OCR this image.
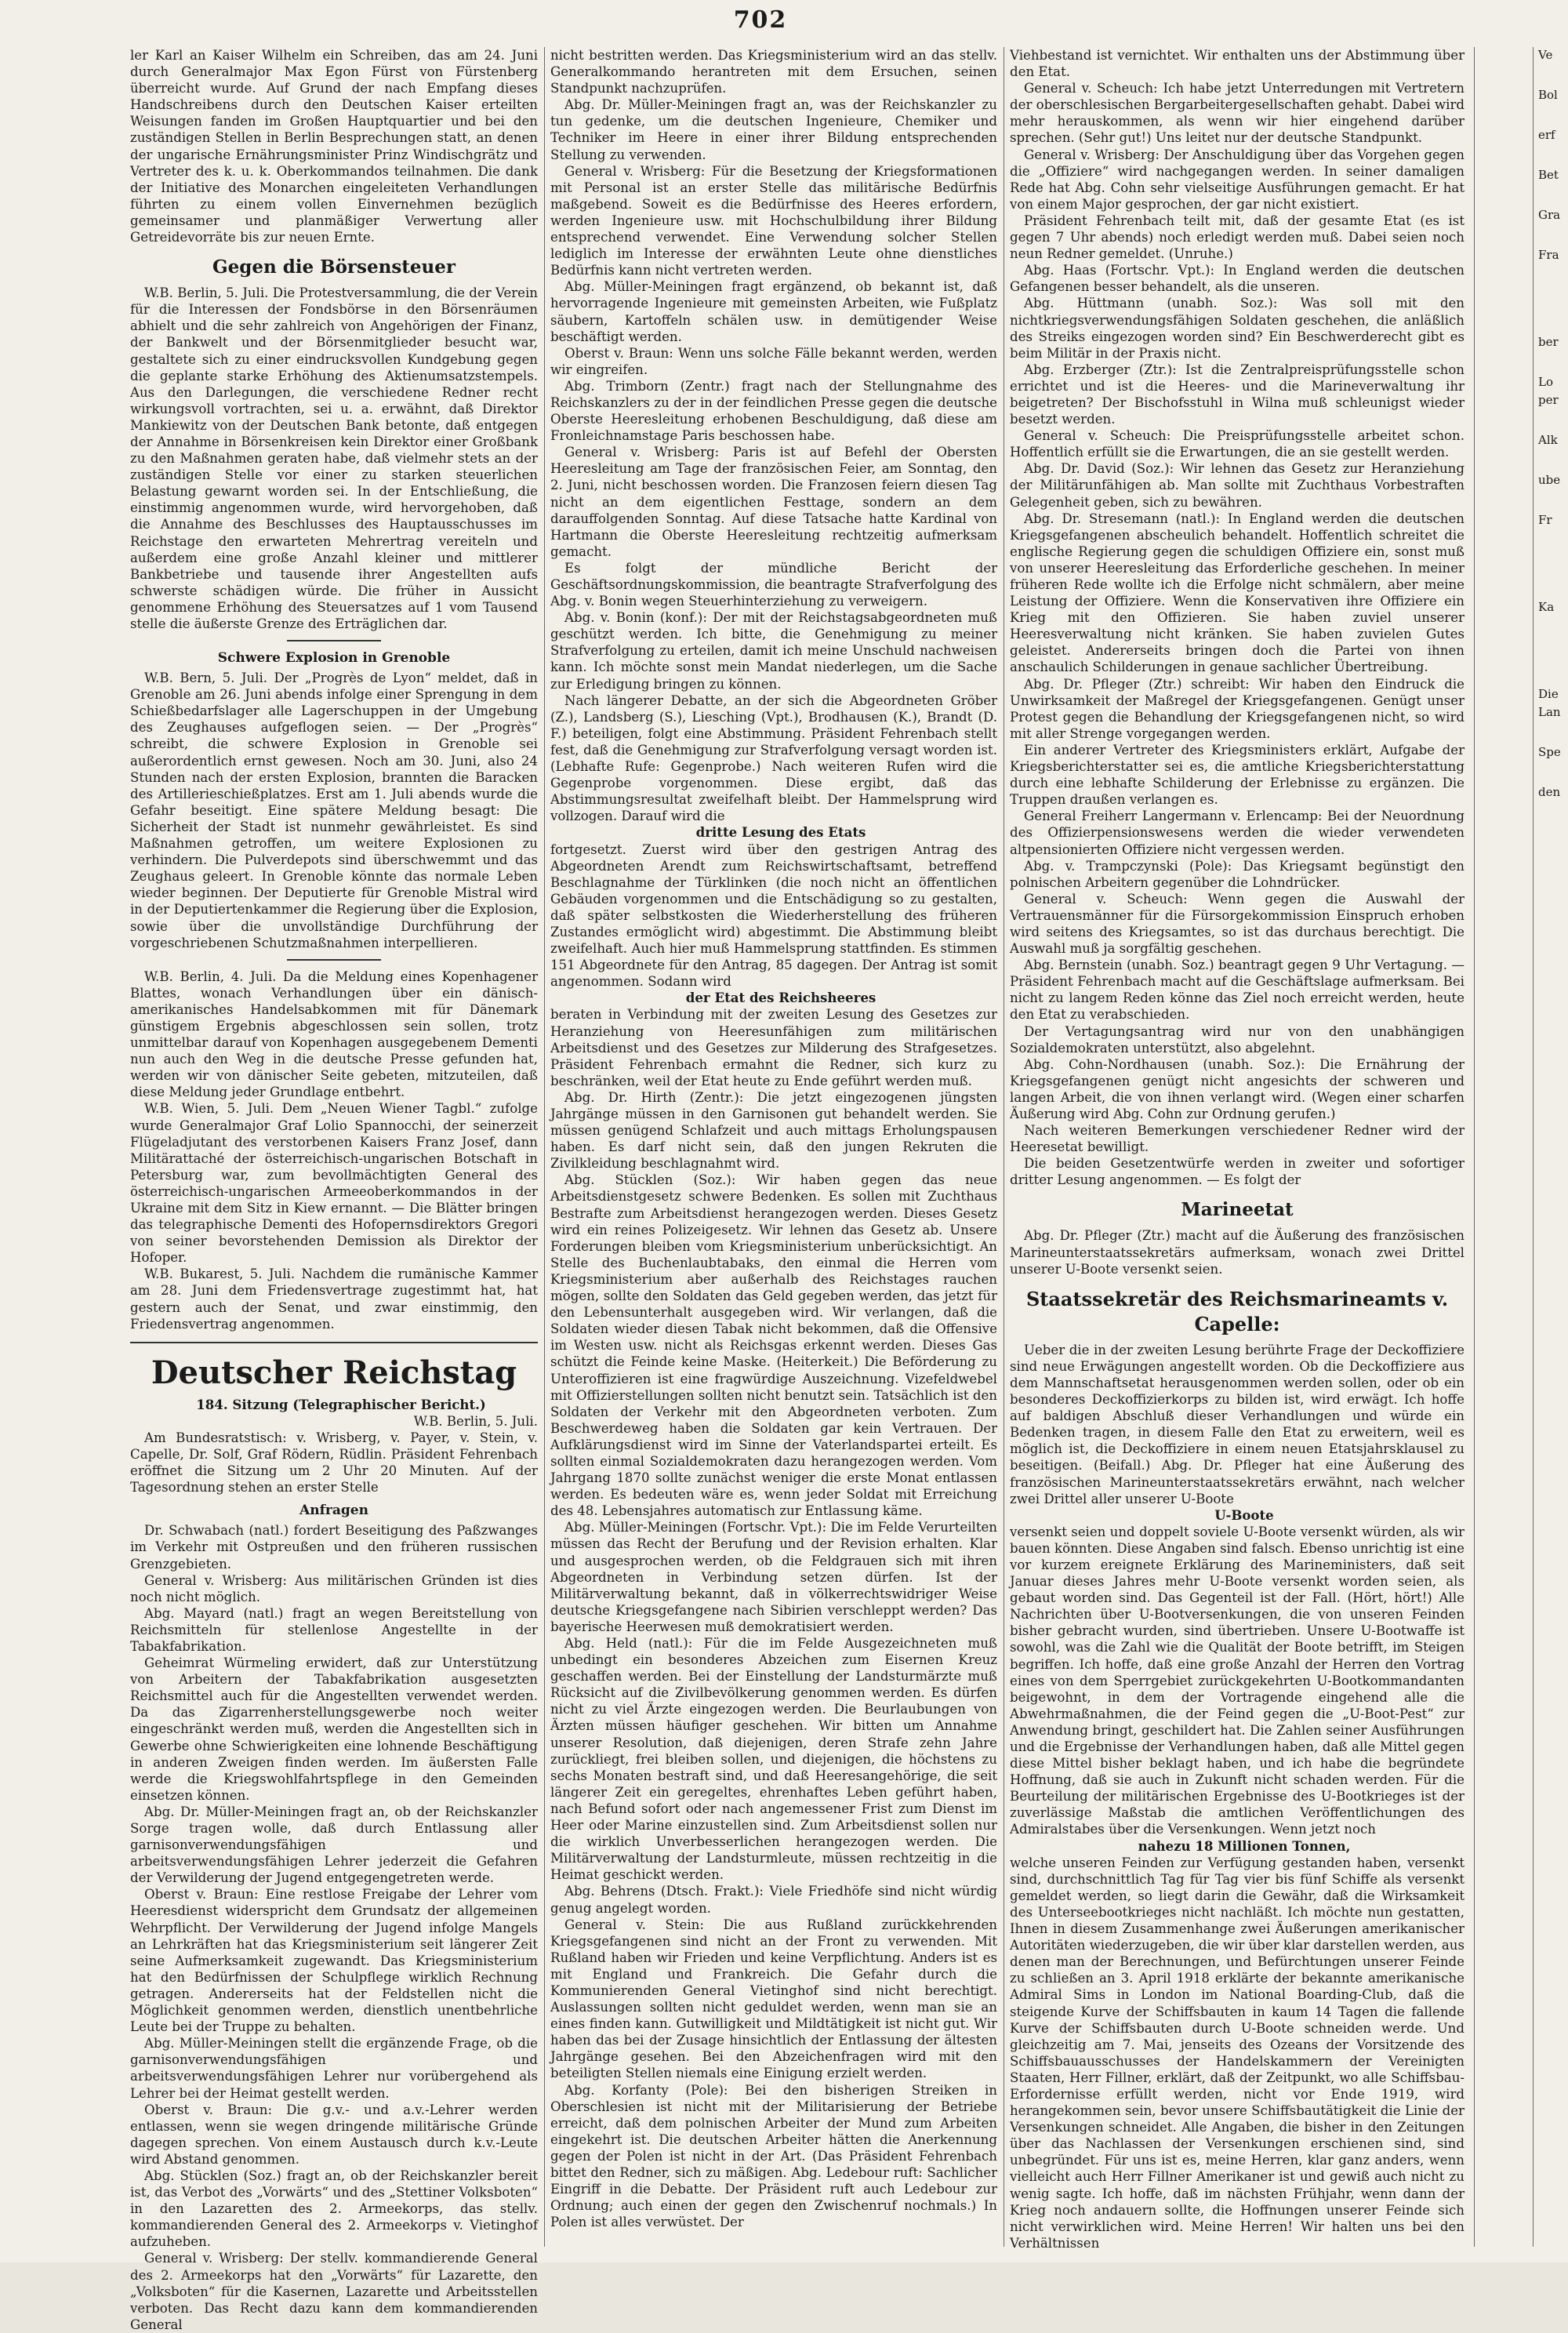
702

ler Karl an Kaiser Wilhelm ein Schreiben, das am 24. Juni durch Generalmajor Max Egon Fürst von Fürstenberg überreicht wurde. Auf Grund der nach Empfang dieses Handschreibens durch den Deutschen Kaiser erteilten Weisungen fanden im Großen Hauptquartier und bei den zuständigen Stellen in Berlin Besprechungen statt, an denen der ungarische Ernährungsminister Prinz Windischgrätz und Vertreter des k. u. k. Oberkommandos teilnahmen. Die dank der Initiative des Monarchen eingeleiteten Verhandlungen führten zu einem vollen Einvernehmen bezüglich gemeinsamer und planmäßiger Verwertung aller Getreidevorräte bis zur neuen Ernte.

Gegen die Börsensteuer

W.B. Berlin, 5. Juli. Die Protestversammlung, die der Verein für die Interessen der Fondsbörse in den Börsenräumen abhielt und die sehr zahlreich von Angehörigen der Finanz, der Bankwelt und der Börsenmitglieder besucht war, gestaltete sich zu einer eindrucksvollen Kundgebung gegen die geplante starke Erhöhung des Aktienumsatzstempels. Aus den Darlegungen, die verschiedene Redner recht wirkungsvoll vortrachten, sei u. a. erwähnt, daß Direktor Mankiewitz von der Deutschen Bank betonte, daß entgegen der Annahme in Börsenkreisen kein Direktor einer Großbank zu den Maßnahmen geraten habe, daß vielmehr stets an der zuständigen Stelle vor einer zu starken steuerlichen Belastung gewarnt worden sei. In der Entschließung, die einstimmig angenommen wurde, wird hervorgehoben, daß die Annahme des Beschlusses des Hauptausschusses im Reichstage den erwarteten Mehrertrag vereiteln und außerdem eine große Anzahl kleiner und mittlerer Bankbetriebe und tausende ihrer Angestellten aufs schwerste schädigen würde. Die früher in Aussicht genommene Erhöhung des Steuersatzes auf 1 vom Tausend stelle die äußerste Grenze des Erträglichen dar.

Schwere Explosion in Grenoble

W.B. Bern, 5. Juli. Der „Progrès de Lyon“ meldet, daß in Grenoble am 26. Juni abends infolge einer Sprengung in dem Schießbedarfslager alle Lagerschuppen in der Umgebung des Zeughauses aufgeflogen seien. — Der „Progrès“ schreibt, die schwere Explosion in Grenoble sei außerordentlich ernst gewesen. Noch am 30. Juni, also 24 Stunden nach der ersten Explosion, brannten die Baracken des Artillerieschießplatzes. Erst am 1. Juli abends wurde die Gefahr beseitigt. Eine spätere Meldung besagt: Die Sicherheit der Stadt ist nunmehr gewährleistet. Es sind Maßnahmen getroffen, um weitere Explosionen zu verhindern. Die Pulverdepots sind überschwemmt und das Zeughaus geleert. In Grenoble könnte das normale Leben wieder beginnen. Der Deputierte für Grenoble Mistral wird in der Deputiertenkammer die Regierung über die Explosion, sowie über die unvollständige Durchführung der vorgeschriebenen Schutzmaßnahmen interpellieren.

W.B. Berlin, 4. Juli. Da die Meldung eines Kopenhagener Blattes, wonach Verhandlungen über ein dänisch-amerikanisches Handelsabkommen mit für Dänemark günstigem Ergebnis abgeschlossen sein sollen, trotz unmittelbar darauf von Kopenhagen ausgegebenem Dementi nun auch den Weg in die deutsche Presse gefunden hat, werden wir von dänischer Seite gebeten, mitzuteilen, daß diese Meldung jeder Grundlage entbehrt.

W.B. Wien, 5. Juli. Dem „Neuen Wiener Tagbl.“ zufolge wurde Generalmajor Graf Lolio Spannocchi, der seinerzeit Flügeladjutant des verstorbenen Kaisers Franz Josef, dann Militärattaché der österreichisch-ungarischen Botschaft in Petersburg war, zum bevollmächtigten General des österreichisch-ungarischen Armeeoberkommandos in der Ukraine mit dem Sitz in Kiew ernannt. — Die Blätter bringen das telegraphische Dementi des Hofopernsdirektors Gregori von seiner bevorstehenden Demission als Direktor der Hofoper.

W.B. Bukarest, 5. Juli. Nachdem die rumänische Kammer am 28. Juni dem Friedensvertrage zugestimmt hat, hat gestern auch der Senat, und zwar einstimmig, den Friedensvertrag angenommen.

Deutscher Reichstag

184. Sitzung (Telegraphischer Bericht.)

W.B. Berlin, 5. Juli.

Am Bundesratstisch: v. Wrisberg, v. Payer, v. Stein, v. Capelle, Dr. Solf, Graf Rödern, Rüdlin. Präsident Fehrenbach eröffnet die Sitzung um 2 Uhr 20 Minuten. Auf der Tagesordnung stehen an erster Stelle

Anfragen

Dr. Schwabach (natl.) fordert Beseitigung des Paßzwanges im Verkehr mit Ostpreußen und den früheren russischen Grenzgebieten.

General v. Wrisberg: Aus militärischen Gründen ist dies noch nicht möglich.

Abg. Mayard (natl.) fragt an wegen Bereitstellung von Reichsmitteln für stellenlose Angestellte in der Tabakfabrikation.

Geheimrat Würmeling erwidert, daß zur Unterstützung von Arbeitern der Tabakfabrikation ausgesetzten Reichsmittel auch für die Angestellten verwendet werden. Da das Zigarrenherstellungsgewerbe noch weiter eingeschränkt werden muß, werden die Angestellten sich in Gewerbe ohne Schwierigkeiten eine lohnende Beschäftigung in anderen Zweigen finden werden. Im äußersten Falle werde die Kriegswohlfahrtspflege in den Gemeinden einsetzen können.

Abg. Dr. Müller-Meiningen fragt an, ob der Reichskanzler Sorge tragen wolle, daß durch Entlassung aller garnisonverwendungsfähigen und arbeitsverwendungsfähigen Lehrer jederzeit die Gefahren der Verwilderung der Jugend entgegengetreten werde.

Oberst v. Braun: Eine restlose Freigabe der Lehrer vom Heeresdienst widerspricht dem Grundsatz der allgemeinen Wehrpflicht. Der Verwilderung der Jugend infolge Mangels an Lehrkräften hat das Kriegsministerium seit längerer Zeit seine Aufmerksamkeit zugewandt. Das Kriegsministerium hat den Bedürfnissen der Schulpflege wirklich Rechnung getragen. Andererseits hat der Feldstellen nicht die Möglichkeit genommen werden, dienstlich unentbehrliche Leute bei der Truppe zu behalten.

Abg. Müller-Meiningen stellt die ergänzende Frage, ob die garnisonverwendungsfähigen und arbeitsverwendungsfähigen Lehrer nur vorübergehend als Lehrer bei der Heimat gestellt werden.

Oberst v. Braun: Die g.v.- und a.v.-Lehrer werden entlassen, wenn sie wegen dringende militärische Gründe dagegen sprechen. Von einem Austausch durch k.v.-Leute wird Abstand genommen.

Abg. Stücklen (Soz.) fragt an, ob der Reichskanzler bereit ist, das Verbot des „Vorwärts“ und des „Stettiner Volksboten“ in den Lazaretten des 2. Armeekorps, das stellv. kommandierenden General des 2. Armeekorps v. Vietinghof aufzuheben.

General v. Wrisberg: Der stellv. kommandierende General des 2. Armeekorps hat den „Vorwärts“ für Lazarette, den „Volksboten“ für die Kasernen, Lazarette und Arbeitsstellen verboten. Das Recht dazu kann dem kommandierenden General

nicht bestritten werden. Das Kriegsministerium wird an das stellv. Generalkommando herantreten mit dem Ersuchen, seinen Standpunkt nachzuprüfen.

Abg. Dr. Müller-Meiningen fragt an, was der Reichskanzler zu tun gedenke, um die deutschen Ingenieure, Chemiker und Techniker im Heere in einer ihrer Bildung entsprechenden Stellung zu verwenden.

General v. Wrisberg: Für die Besetzung der Kriegsformationen mit Personal ist an erster Stelle das militärische Bedürfnis maßgebend. Soweit es die Bedürfnisse des Heeres erfordern, werden Ingenieure usw. mit Hochschulbildung ihrer Bildung entsprechend verwendet. Eine Verwendung solcher Stellen lediglich im Interesse der erwähnten Leute ohne dienstliches Bedürfnis kann nicht vertreten werden.

Abg. Müller-Meiningen fragt ergänzend, ob bekannt ist, daß hervorragende Ingenieure mit gemeinsten Arbeiten, wie Fußplatz säubern, Kartoffeln schälen usw. in demütigender Weise beschäftigt werden.

Oberst v. Braun: Wenn uns solche Fälle bekannt werden, werden wir eingreifen.

Abg. Trimborn (Zentr.) fragt nach der Stellungnahme des Reichskanzlers zu der in der feindlichen Presse gegen die deutsche Oberste Heeresleitung erhobenen Beschuldigung, daß diese am Fronleichnamstage Paris beschossen habe.

General v. Wrisberg: Paris ist auf Befehl der Obersten Heeresleitung am Tage der französischen Feier, am Sonntag, den 2. Juni, nicht beschossen worden. Die Franzosen feiern diesen Tag nicht an dem eigentlichen Festtage, sondern an dem darauffolgenden Sonntag. Auf diese Tatsache hatte Kardinal von Hartmann die Oberste Heeresleitung rechtzeitig aufmerksam gemacht.

Es folgt der mündliche Bericht der Geschäftsordnungskommission, die beantragte Strafverfolgung des Abg. v. Bonin wegen Steuerhinterziehung zu verweigern.

Abg. v. Bonin (konf.): Der mit der Reichstagsabgeordneten muß geschützt werden. Ich bitte, die Genehmigung zu meiner Strafverfolgung zu erteilen, damit ich meine Unschuld nachweisen kann. Ich möchte sonst mein Mandat niederlegen, um die Sache zur Erledigung bringen zu können.

Nach längerer Debatte, an der sich die Abgeordneten Gröber (Z.), Landsberg (S.), Liesching (Vpt.), Brodhausen (K.), Brandt (D. F.) beteiligen, folgt eine Abstimmung. Präsident Fehrenbach stellt fest, daß die Genehmigung zur Strafverfolgung versagt worden ist. (Lebhafte Rufe: Gegenprobe.) Nach weiteren Rufen wird die Gegenprobe vorgenommen. Diese ergibt, daß das Abstimmungsresultat zweifelhaft bleibt. Der Hammelsprung wird vollzogen. Darauf wird die

dritte Lesung des Etats

fortgesetzt. Zuerst wird über den gestrigen Antrag des Abgeordneten Arendt zum Reichswirtschaftsamt, betreffend Beschlagnahme der Türklinken (die noch nicht an öffentlichen Gebäuden vorgenommen und die Entschädigung so zu gestalten, daß später selbstkosten die Wiederherstellung des früheren Zustandes ermöglicht wird) abgestimmt. Die Abstimmung bleibt zweifelhaft. Auch hier muß Hammelsprung stattfinden. Es stimmen 151 Abgeordnete für den Antrag, 85 dagegen. Der Antrag ist somit angenommen. Sodann wird

der Etat des Reichsheeres

beraten in Verbindung mit der zweiten Lesung des Gesetzes zur Heranziehung von Heeresunfähigen zum militärischen Arbeitsdienst und des Gesetzes zur Milderung des Strafgesetzes. Präsident Fehrenbach ermahnt die Redner, sich kurz zu beschränken, weil der Etat heute zu Ende geführt werden muß.

Abg. Dr. Hirth (Zentr.): Die jetzt eingezogenen jüngsten Jahrgänge müssen in den Garnisonen gut behandelt werden. Sie müssen genügend Schlafzeit und auch mittags Erholungspausen haben. Es darf nicht sein, daß den jungen Rekruten die Zivilkleidung beschlagnahmt wird.

Abg. Stücklen (Soz.): Wir haben gegen das neue Arbeitsdienstgesetz schwere Bedenken. Es sollen mit Zuchthaus Bestrafte zum Arbeitsdienst herangezogen werden. Dieses Gesetz wird ein reines Polizeigesetz. Wir lehnen das Gesetz ab. Unsere Forderungen bleiben vom Kriegsministerium unberücksichtigt. An Stelle des Buchenlaubtabaks, den einmal die Herren vom Kriegsministerium aber außerhalb des Reichstages rauchen mögen, sollte den Soldaten das Geld gegeben werden, das jetzt für den Lebensunterhalt ausgegeben wird. Wir verlangen, daß die Soldaten wieder diesen Tabak nicht bekommen, daß die Offensive im Westen usw. nicht als Reichsgas erkennt werden. Dieses Gas schützt die Feinde keine Maske. (Heiterkeit.) Die Beförderung zu Unteroffizieren ist eine fragwürdige Auszeichnung. Vizefeldwebel mit Offizierstellungen sollten nicht benutzt sein. Tatsächlich ist den Soldaten der Verkehr mit den Abgeordneten verboten. Zum Beschwerdeweg haben die Soldaten gar kein Vertrauen. Der Aufklärungsdienst wird im Sinne der Vaterlandspartei erteilt. Es sollten einmal Sozialdemokraten dazu herangezogen werden. Vom Jahrgang 1870 sollte zunächst weniger die erste Monat entlassen werden. Es bedeuten wäre es, wenn jeder Soldat mit Erreichung des 48. Lebensjahres automatisch zur Entlassung käme.

Abg. Müller-Meiningen (Fortschr. Vpt.): Die im Felde Verurteilten müssen das Recht der Berufung und der Revision erhalten. Klar und ausgesprochen werden, ob die Feldgrauen sich mit ihren Abgeordneten in Verbindung setzen dürfen. Ist der Militärverwaltung bekannt, daß in völkerrechtswidriger Weise deutsche Kriegsgefangene nach Sibirien verschleppt werden? Das bayerische Heerwesen muß demokratisiert werden.

Abg. Held (natl.): Für die im Felde Ausgezeichneten muß unbedingt ein besonderes Abzeichen zum Eisernen Kreuz geschaffen werden. Bei der Einstellung der Landsturmärzte muß Rücksicht auf die Zivilbevölkerung genommen werden. Es dürfen nicht zu viel Ärzte eingezogen werden. Die Beurlaubungen von Ärzten müssen häufiger geschehen. Wir bitten um Annahme unserer Resolution, daß diejenigen, deren Strafe zehn Jahre zurückliegt, frei bleiben sollen, und diejenigen, die höchstens zu sechs Monaten bestraft sind, und daß Heeresangehörige, die seit längerer Zeit ein geregeltes, ehrenhaftes Leben geführt haben, nach Befund sofort oder nach angemessener Frist zum Dienst im Heer oder Marine einzustellen sind. Zum Arbeitsdienst sollen nur die wirklich Unverbesserlichen herangezogen werden. Die Militärverwaltung der Landsturmleute, müssen rechtzeitig in die Heimat geschickt werden.

Abg. Behrens (Dtsch. Frakt.): Viele Friedhöfe sind nicht würdig genug angelegt worden.

General v. Stein: Die aus Rußland zurückkehrenden Kriegsgefangenen sind nicht an der Front zu verwenden. Mit Rußland haben wir Frieden und keine Verpflichtung. Anders ist es mit England und Frankreich. Die Gefahr durch die Kommunierenden General Vietinghof sind nicht berechtigt. Auslassungen sollten nicht geduldet werden, wenn man sie an eines finden kann. Gutwilligkeit und Mildtätigkeit ist nicht gut. Wir haben das bei der Zusage hinsichtlich der Entlassung der ältesten Jahrgänge gesehen. Bei den Abzeichenfragen wird mit den beteiligten Stellen niemals eine Einigung erzielt werden.

Abg. Korfanty (Pole): Bei den bisherigen Streiken in Oberschlesien ist nicht mit der Militarisierung der Betriebe erreicht, daß dem polnischen Arbeiter der Mund zum Arbeiten eingekehrt ist. Die deutschen Arbeiter hätten die Anerkennung gegen der Polen ist nicht in der Art. (Das Präsident Fehrenbach bittet den Redner, sich zu mäßigen. Abg. Ledebour ruft: Sachlicher Eingriff in die Debatte. Der Präsident ruft auch Ledebour zur Ordnung; auch einen der gegen den Zwischenruf nochmals.) In Polen ist alles verwüstet. Der

Viehbestand ist vernichtet. Wir enthalten uns der Abstimmung über den Etat.

General v. Scheuch: Ich habe jetzt Unterredungen mit Vertretern der oberschlesischen Bergarbeitergesellschaften gehabt. Dabei wird mehr herauskommen, als wenn wir hier eingehend darüber sprechen. (Sehr gut!) Uns leitet nur der deutsche Standpunkt.

General v. Wrisberg: Der Anschuldigung über das Vorgehen gegen die „Offiziere“ wird nachgegangen werden. In seiner damaligen Rede hat Abg. Cohn sehr vielseitige Ausführungen gemacht. Er hat von einem Major gesprochen, der gar nicht existiert.

Präsident Fehrenbach teilt mit, daß der gesamte Etat (es ist gegen 7 Uhr abends) noch erledigt werden muß. Dabei seien noch neun Redner gemeldet. (Unruhe.)

Abg. Haas (Fortschr. Vpt.): In England werden die deutschen Gefangenen besser behandelt, als die unseren.

Abg. Hüttmann (unabh. Soz.): Was soll mit den nichtkriegsverwendungsfähigen Soldaten geschehen, die anläßlich des Streiks eingezogen worden sind? Ein Beschwerderecht gibt es beim Militär in der Praxis nicht.

Abg. Erzberger (Ztr.): Ist die Zentralpreisprüfungsstelle schon errichtet und ist die Heeres- und die Marineverwaltung ihr beigetreten? Der Bischofsstuhl in Wilna muß schleunigst wieder besetzt werden.

General v. Scheuch: Die Preisprüfungsstelle arbeitet schon. Hoffentlich erfüllt sie die Erwartungen, die an sie gestellt werden.

Abg. Dr. David (Soz.): Wir lehnen das Gesetz zur Heranziehung der Militärunfähigen ab. Man sollte mit Zuchthaus Vorbestraften Gelegenheit geben, sich zu bewähren.

Abg. Dr. Stresemann (natl.): In England werden die deutschen Kriegsgefangenen abscheulich behandelt. Hoffentlich schreitet die englische Regierung gegen die schuldigen Offiziere ein, sonst muß von unserer Heeresleitung das Erforderliche geschehen. In meiner früheren Rede wollte ich die Erfolge nicht schmälern, aber meine Leistung der Offiziere. Wenn die Konservativen ihre Offiziere ein Krieg mit den Offizieren. Sie haben zuviel unserer Heeresverwaltung nicht kränken. Sie haben zuvielen Gutes geleistet. Andererseits bringen doch die Partei von ihnen anschaulich Schilderungen in genaue sachlicher Übertreibung.

Abg. Dr. Pfleger (Ztr.) schreibt: Wir haben den Eindruck die Unwirksamkeit der Maßregel der Kriegsgefangenen. Genügt unser Protest gegen die Behandlung der Kriegsgefangenen nicht, so wird mit aller Strenge vorgegangen werden.

Ein anderer Vertreter des Kriegsministers erklärt, Aufgabe der Kriegsberichterstatter sei es, die amtliche Kriegsberichterstattung durch eine lebhafte Schilderung der Erlebnisse zu ergänzen. Die Truppen draußen verlangen es.

General Freiherr Langermann v. Erlencamp: Bei der Neuordnung des Offizierpensionswesens werden die wieder verwendeten altpensionierten Offiziere nicht vergessen werden.

Abg. v. Trampczynski (Pole): Das Kriegsamt begünstigt den polnischen Arbeitern gegenüber die Lohndrücker.

General v. Scheuch: Wenn gegen die Auswahl der Vertrauensmänner für die Fürsorgekommission Einspruch erhoben wird seitens des Kriegsamtes, so ist das durchaus berechtigt. Die Auswahl muß ja sorgfältig geschehen.

Abg. Bernstein (unabh. Soz.) beantragt gegen 9 Uhr Vertagung. — Präsident Fehrenbach macht auf die Geschäftslage aufmerksam. Bei nicht zu langem Reden könne das Ziel noch erreicht werden, heute den Etat zu verabschieden.

Der Vertagungsantrag wird nur von den unabhängigen Sozialdemokraten unterstützt, also abgelehnt.

Abg. Cohn-Nordhausen (unabh. Soz.): Die Ernährung der Kriegsgefangenen genügt nicht angesichts der schweren und langen Arbeit, die von ihnen verlangt wird. (Wegen einer scharfen Äußerung wird Abg. Cohn zur Ordnung gerufen.)

Nach weiteren Bemerkungen verschiedener Redner wird der Heeresetat bewilligt.

Die beiden Gesetzentwürfe werden in zweiter und sofortiger dritter Lesung angenommen. — Es folgt der

Marineetat

Abg. Dr. Pfleger (Ztr.) macht auf die Äußerung des französischen Marineunterstaatssekretärs aufmerksam, wonach zwei Drittel unserer U-Boote versenkt seien.

Staatssekretär des Reichsmarineamts v. Capelle:

Ueber die in der zweiten Lesung berührte Frage der Deckoffiziere sind neue Erwägungen angestellt worden. Ob die Deckoffiziere aus dem Mannschaftsetat herausgenommen werden sollen, oder ob ein besonderes Deckoffizierkorps zu bilden ist, wird erwägt. Ich hoffe auf baldigen Abschluß dieser Verhandlungen und würde ein Bedenken tragen, in diesem Falle den Etat zu erweitern, weil es möglich ist, die Deckoffiziere in einem neuen Etatsjahrsklausel zu beseitigen. (Beifall.) Abg. Dr. Pfleger hat eine Äußerung des französischen Marineunterstaatssekretärs erwähnt, nach welcher zwei Drittel aller unserer U-Boote

U-Boote

versenkt seien und doppelt soviele U-Boote versenkt würden, als wir bauen könnten. Diese Angaben sind falsch. Ebenso unrichtig ist eine vor kurzem ereignete Erklärung des Marineministers, daß seit Januar dieses Jahres mehr U-Boote versenkt worden seien, als gebaut worden sind. Das Gegenteil ist der Fall. (Hört, hört!) Alle Nachrichten über U-Bootversenkungen, die von unseren Feinden bisher gebracht wurden, sind übertrieben. Unsere U-Bootwaffe ist sowohl, was die Zahl wie die Qualität der Boote betrifft, im Steigen begriffen. Ich hoffe, daß eine große Anzahl der Herren den Vortrag eines von dem Sperrgebiet zurückgekehrten U-Bootkommandanten beigewohnt, in dem der Vortragende eingehend alle die Abwehrmaßnahmen, die der Feind gegen die „U-Boot-Pest“ zur Anwendung bringt, geschildert hat. Die Zahlen seiner Ausführungen und die Ergebnisse der Verhandlungen haben, daß alle Mittel gegen diese Mittel bisher beklagt haben, und ich habe die begründete Hoffnung, daß sie auch in Zukunft nicht schaden werden. Für die Beurteilung der militärischen Ergebnisse des U-Bootkrieges ist der zuverlässige Maßstab die amtlichen Veröffentlichungen des Admiralstabes über die Versenkungen. Wenn jetzt noch

nahezu 18 Millionen Tonnen,

welche unseren Feinden zur Verfügung gestanden haben, versenkt sind, durchschnittlich Tag für Tag vier bis fünf Schiffe als versenkt gemeldet werden, so liegt darin die Gewähr, daß die Wirksamkeit des Unterseebootkrieges nicht nachläßt. Ich möchte nun gestatten, Ihnen in diesem Zusammenhange zwei Äußerungen amerikanischer Autoritäten wiederzugeben, die wir über klar darstellen werden, aus denen man der Berechnungen, und Befürchtungen unserer Feinde zu schließen an 3. April 1918 erklärte der bekannte amerikanische Admiral Sims in London im National Boarding-Club, daß die steigende Kurve der Schiffsbauten in kaum 14 Tagen die fallende Kurve der Schiffsbauten durch U-Boote schneiden werde. Und gleichzeitig am 7. Mai, jenseits des Ozeans der Vorsitzende des Schiffsbauausschusses der Handelskammern der Vereinigten Staaten, Herr Fillner, erklärt, daß der Zeitpunkt, wo alle Schiffsbau-Erfordernisse erfüllt werden, nicht vor Ende 1919, wird herangekommen sein, bevor unsere Schiffsbautätigkeit die Linie der Versenkungen schneidet. Alle Angaben, die bisher in den Zeitungen über das Nachlassen der Versenkungen erschienen sind, sind unbegründet. Für uns ist es, meine Herren, klar ganz anders, wenn vielleicht auch Herr Fillner Amerikaner ist und gewiß auch nicht zu wenig sagte. Ich hoffe, daß im nächsten Frühjahr, wenn dann der Krieg noch andauern sollte, die Hoffnungen unserer Feinde sich nicht verwirklichen wird. Meine Herren! Wir halten uns bei den Verhältnissen

Ve
Bol
erf
Bet
Gra
Fra
ber
Lo
per
Alk
ube
Fr
Ka
Die
Lan
Spe
den
